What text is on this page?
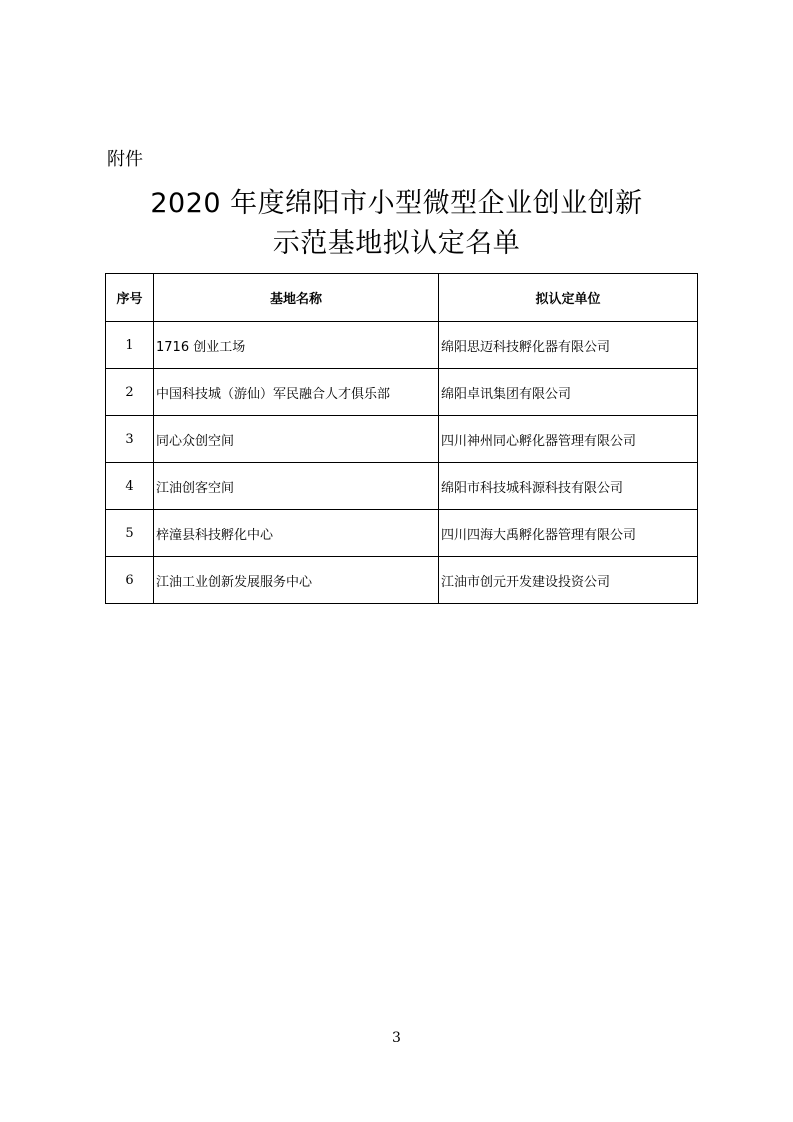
附件
2020 年度绵阳市小型微型企业创业创新
示范基地拟认定名单
序号	基地名称	拟认定单位
1	1716 创业工场	绵阳思迈科技孵化器有限公司
2	中国科技城（游仙）军民融合人才俱乐部	绵阳卓讯集团有限公司
3	同心众创空间	四川神州同心孵化器管理有限公司
4	江油创客空间	绵阳市科技城科源科技有限公司
5	梓潼县科技孵化中心	四川四海大禹孵化器管理有限公司
6	江油工业创新发展服务中心	江油市创元开发建设投资公司
3
